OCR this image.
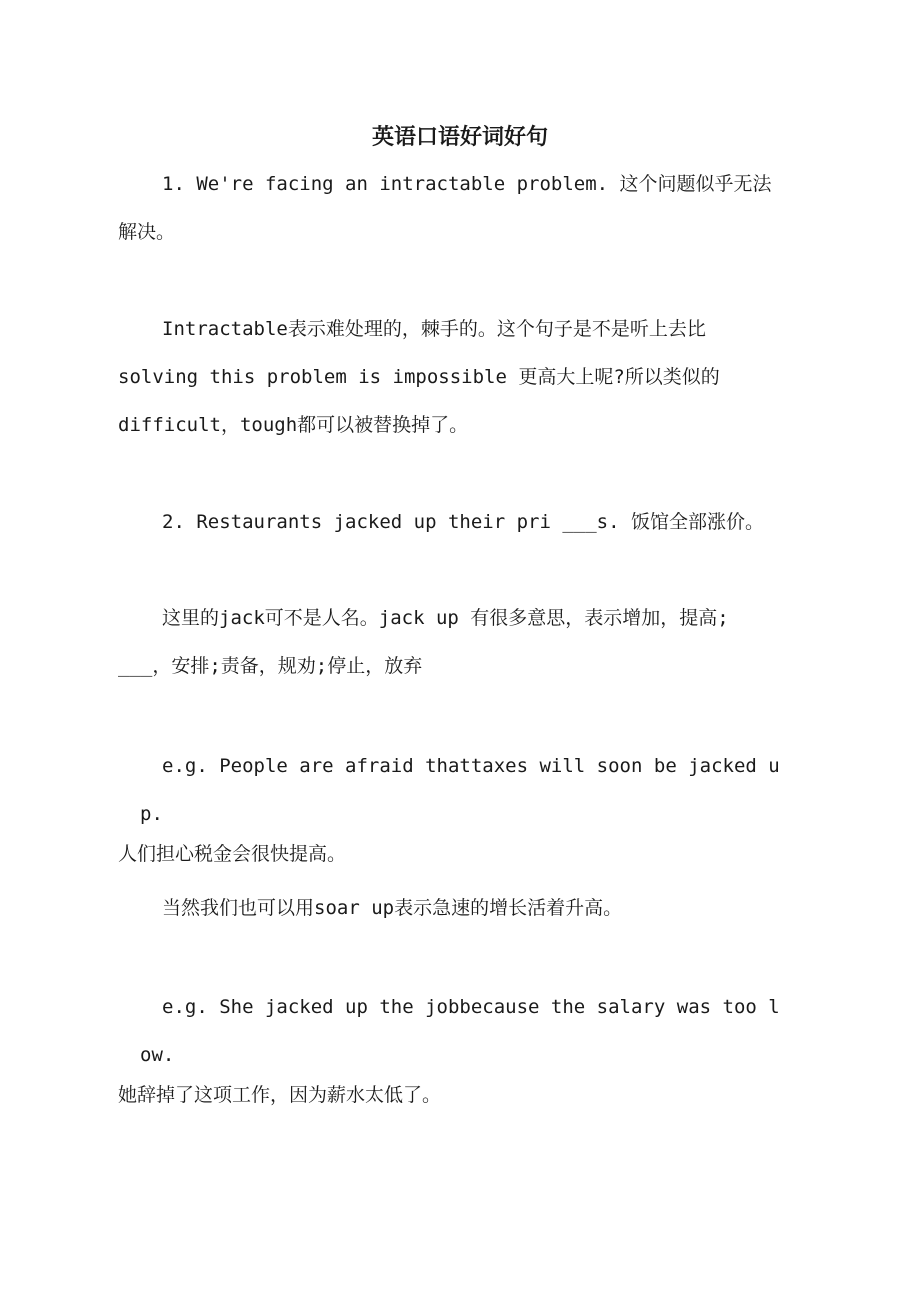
英语口语好词好句
1. We're facing an intractable problem. 这个问题似乎无法
解决。
Intractable表示难处理的，棘手的。这个句子是不是听上去比
solving this problem is impossible 更高大上呢?所以类似的
difficult，tough都可以被替换掉了。
2. Restaurants jacked up their pri ___s. 饭馆全部涨价。
这里的jack可不是人名。jack up 有很多意思，表示增加，提高;
___，安排;责备，规劝;停止，放弃
e.g. People are afraid thattaxes will soon be jacked up.
人们担心税金会很快提高。
当然我们也可以用soar up表示急速的增长活着升高。
e.g. She jacked up the jobbecause the salary was too low.
她辞掉了这项工作，因为薪水太低了。
